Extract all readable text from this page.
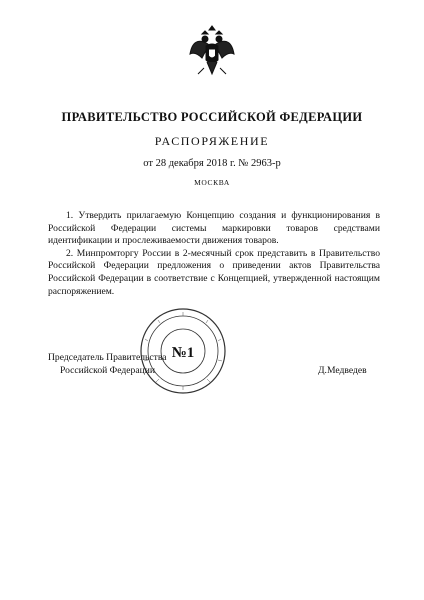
ПРАВИТЕЛЬСТВО РОССИЙСКОЙ ФЕДЕРАЦИИ
РАСПОРЯЖЕНИЕ
от 28 декабря 2018 г. № 2963-р
МОСКВА

1. Утвердить прилагаемую Концепцию создания и функционирования в Российской Федерации системы маркировки товаров средствами идентификации и прослеживаемости движения товаров.

2. Минпромторгу России в 2-месячный срок представить в Правительство Российской Федерации предложения о приведении актов Правительства Российской Федерации в соответствие с Концепцией, утвержденной настоящим распоряжением.

№1
Председатель Правительства
Российской Федерации	Д.Медведев
